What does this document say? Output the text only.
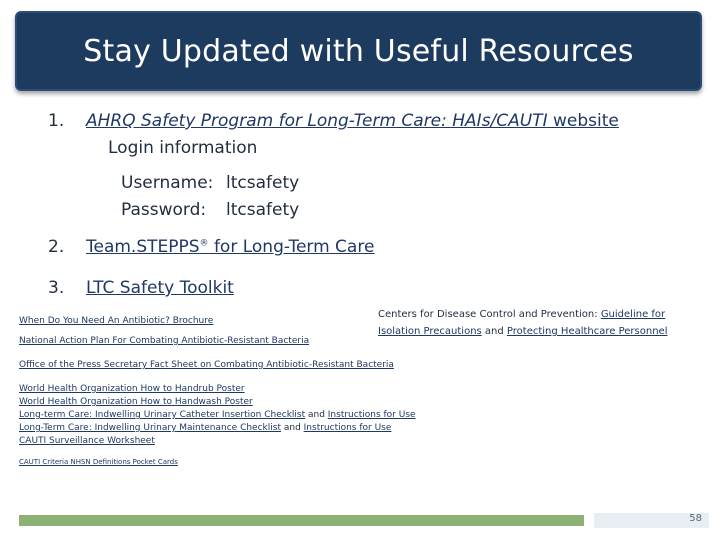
Stay Updated with Useful Resources
1. AHRQ Safety Program for Long-Term Care: HAIs/CAUTI website
Login information
Username: ltcsafety
Password: ltcsafety
2. Team.STEPPS® for Long-Term Care
3. LTC Safety Toolkit
When Do You Need An Antibiotic? Brochure
Centers for Disease Control and Prevention: Guideline for Isolation Precautions and Protecting Healthcare Personnel
National Action Plan For Combating Antibiotic-Resistant Bacteria
Office of the Press Secretary Fact Sheet on Combating Antibiotic-Resistant Bacteria
World Health Organization How to Handrub Poster
World Health Organization How to Handwash Poster
Long-term Care: Indwelling Urinary Catheter Insertion Checklist and Instructions for Use
Long-Term Care: Indwelling Urinary Maintenance Checklist and Instructions for Use
CAUTI Surveillance Worksheet
CAUTI Criteria NHSN Definitions Pocket Cards
58
